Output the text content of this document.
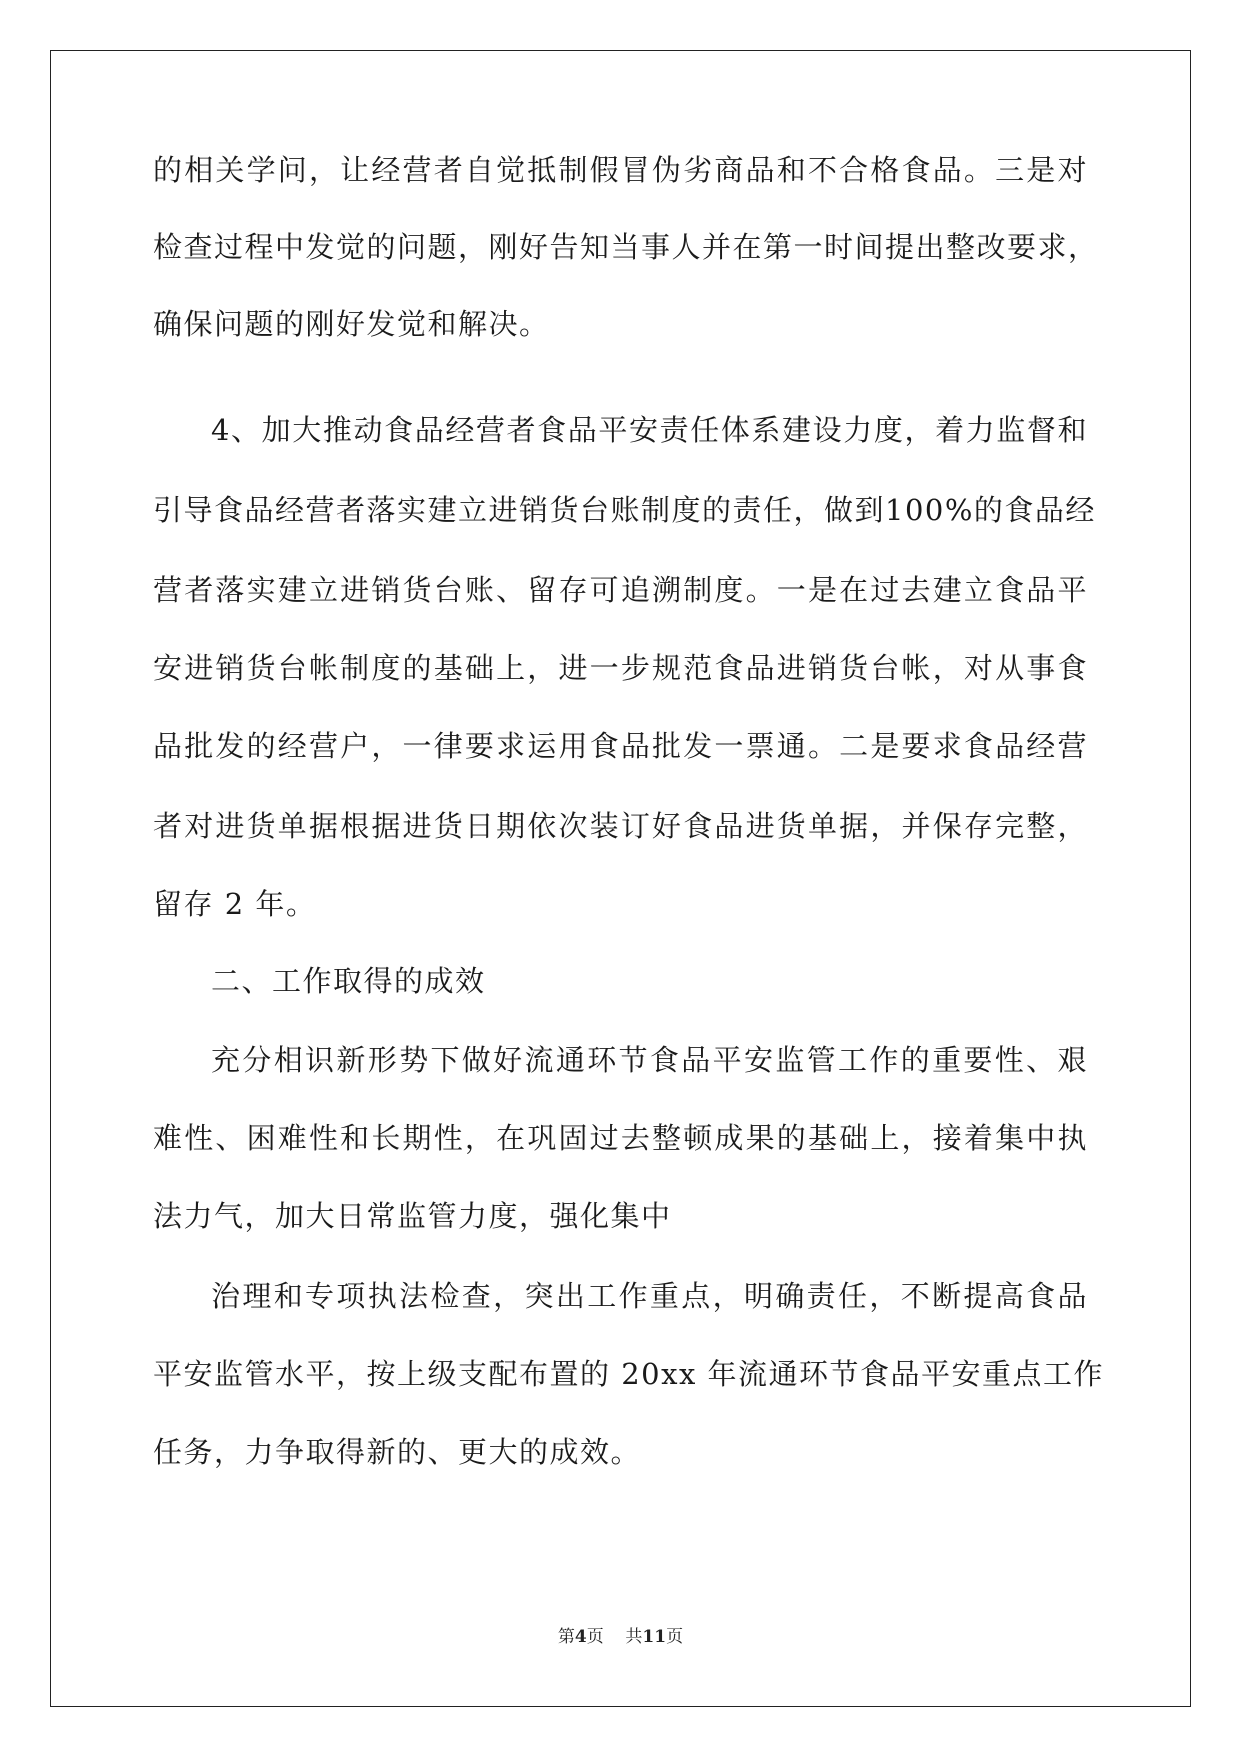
的相关学问，让经营者自觉抵制假冒伪劣商品和不合格食品。三是对
检查过程中发觉的问题，刚好告知当事人并在第一时间提出整改要求，
确保问题的刚好发觉和解决。
4、加大推动食品经营者食品平安责任体系建设力度，着力监督和
引导食品经营者落实建立进销货台账制度的责任，做到100%的食品经
营者落实建立进销货台账、留存可追溯制度。一是在过去建立食品平
安进销货台帐制度的基础上，进一步规范食品进销货台帐，对从事食
品批发的经营户，一律要求运用食品批发一票通。二是要求食品经营
者对进货单据根据进货日期依次装订好食品进货单据，并保存完整，
留存 2 年。
二、工作取得的成效
充分相识新形势下做好流通环节食品平安监管工作的重要性、艰
难性、困难性和长期性，在巩固过去整顿成果的基础上，接着集中执
法力气，加大日常监管力度，强化集中
治理和专项执法检查，突出工作重点，明确责任，不断提高食品
平安监管水平，按上级支配布置的 20xx 年流通环节食品平安重点工作
任务，力争取得新的、更大的成效。
第4页 共11页
